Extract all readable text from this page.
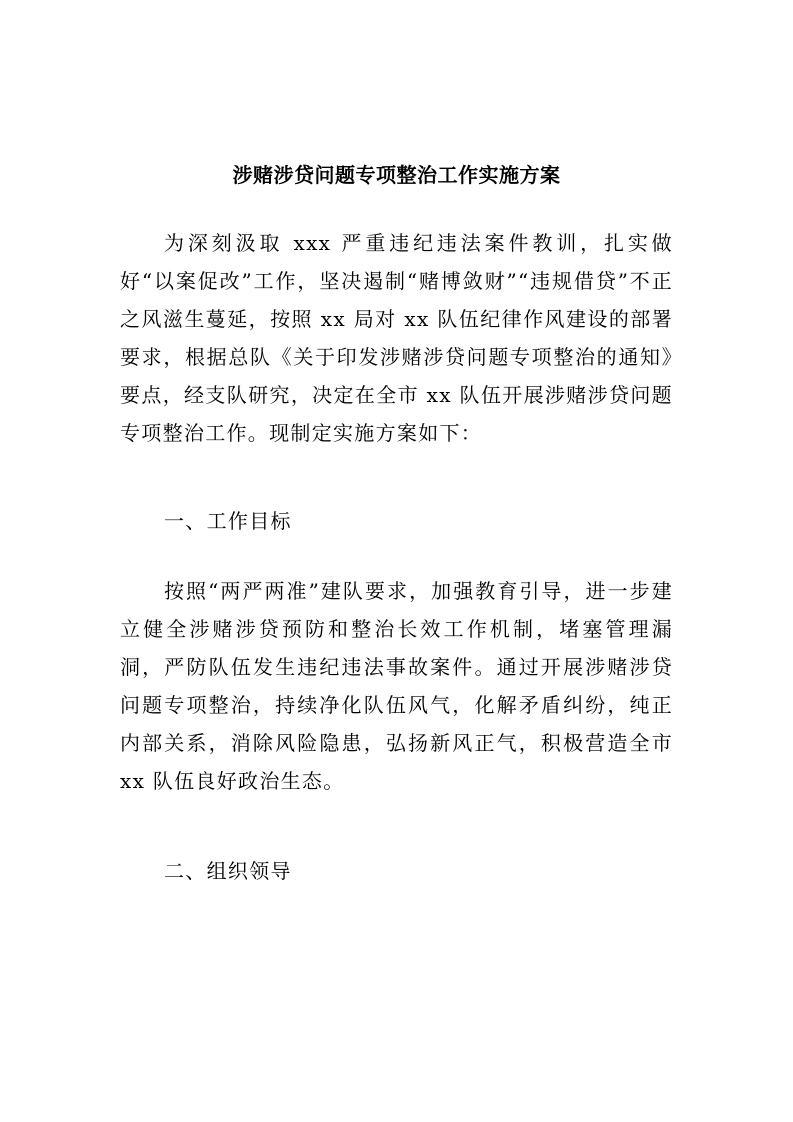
涉赌涉贷问题专项整治工作实施方案

为深刻汲取 xxx 严重违纪违法案件教训，扎实做好“以案促改”工作，坚决遏制“赌博敛财”“违规借贷”不正之风滋生蔓延，按照 xx 局对 xx 队伍纪律作风建设的部署要求，根据总队《关于印发涉赌涉贷问题专项整治的通知》要点，经支队研究，决定在全市 xx 队伍开展涉赌涉贷问题专项整治工作。现制定实施方案如下：

一、工作目标

按照“两严两准”建队要求，加强教育引导，进一步建立健全涉赌涉贷预防和整治长效工作机制，堵塞管理漏洞，严防队伍发生违纪违法事故案件。通过开展涉赌涉贷问题专项整治，持续净化队伍风气，化解矛盾纠纷，纯正内部关系，消除风险隐患，弘扬新风正气，积极营造全市 xx 队伍良好政治生态。

二、组织领导
